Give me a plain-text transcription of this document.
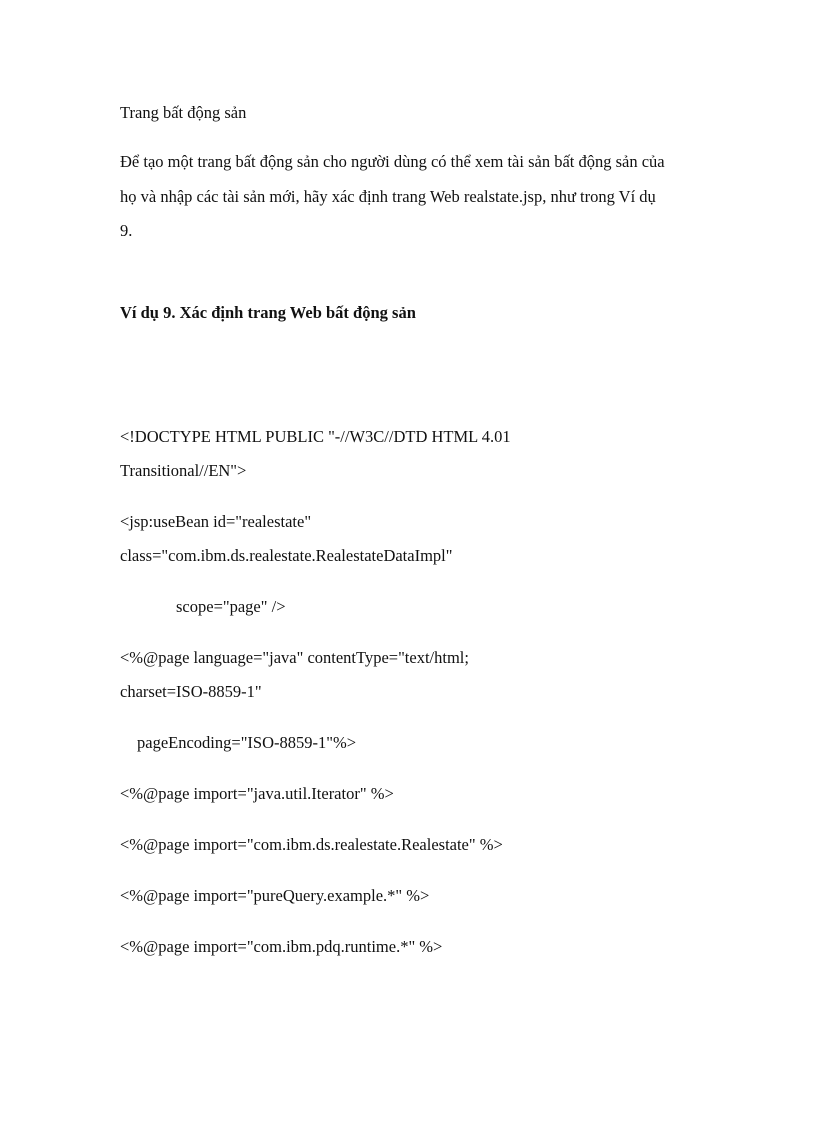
Trang bất động sản
Để tạo một trang bất động sản cho người dùng có thể xem tài sản bất động sản của
họ và nhập các tài sản mới, hãy xác định trang Web realstate.jsp, như trong Ví dụ
9.
Ví dụ 9. Xác định trang Web bất động sản
<!DOCTYPE HTML PUBLIC "-//W3C//DTD HTML 4.01
Transitional//EN">
<jsp:useBean id="realestate"
class="com.ibm.ds.realestate.RealestateDataImpl"
scope="page" />
<%@page language="java" contentType="text/html;
charset=ISO-8859-1"
pageEncoding="ISO-8859-1"%>
<%@page import="java.util.Iterator" %>
<%@page import="com.ibm.ds.realestate.Realestate" %>
<%@page import="pureQuery.example.*" %>
<%@page import="com.ibm.pdq.runtime.*" %>
